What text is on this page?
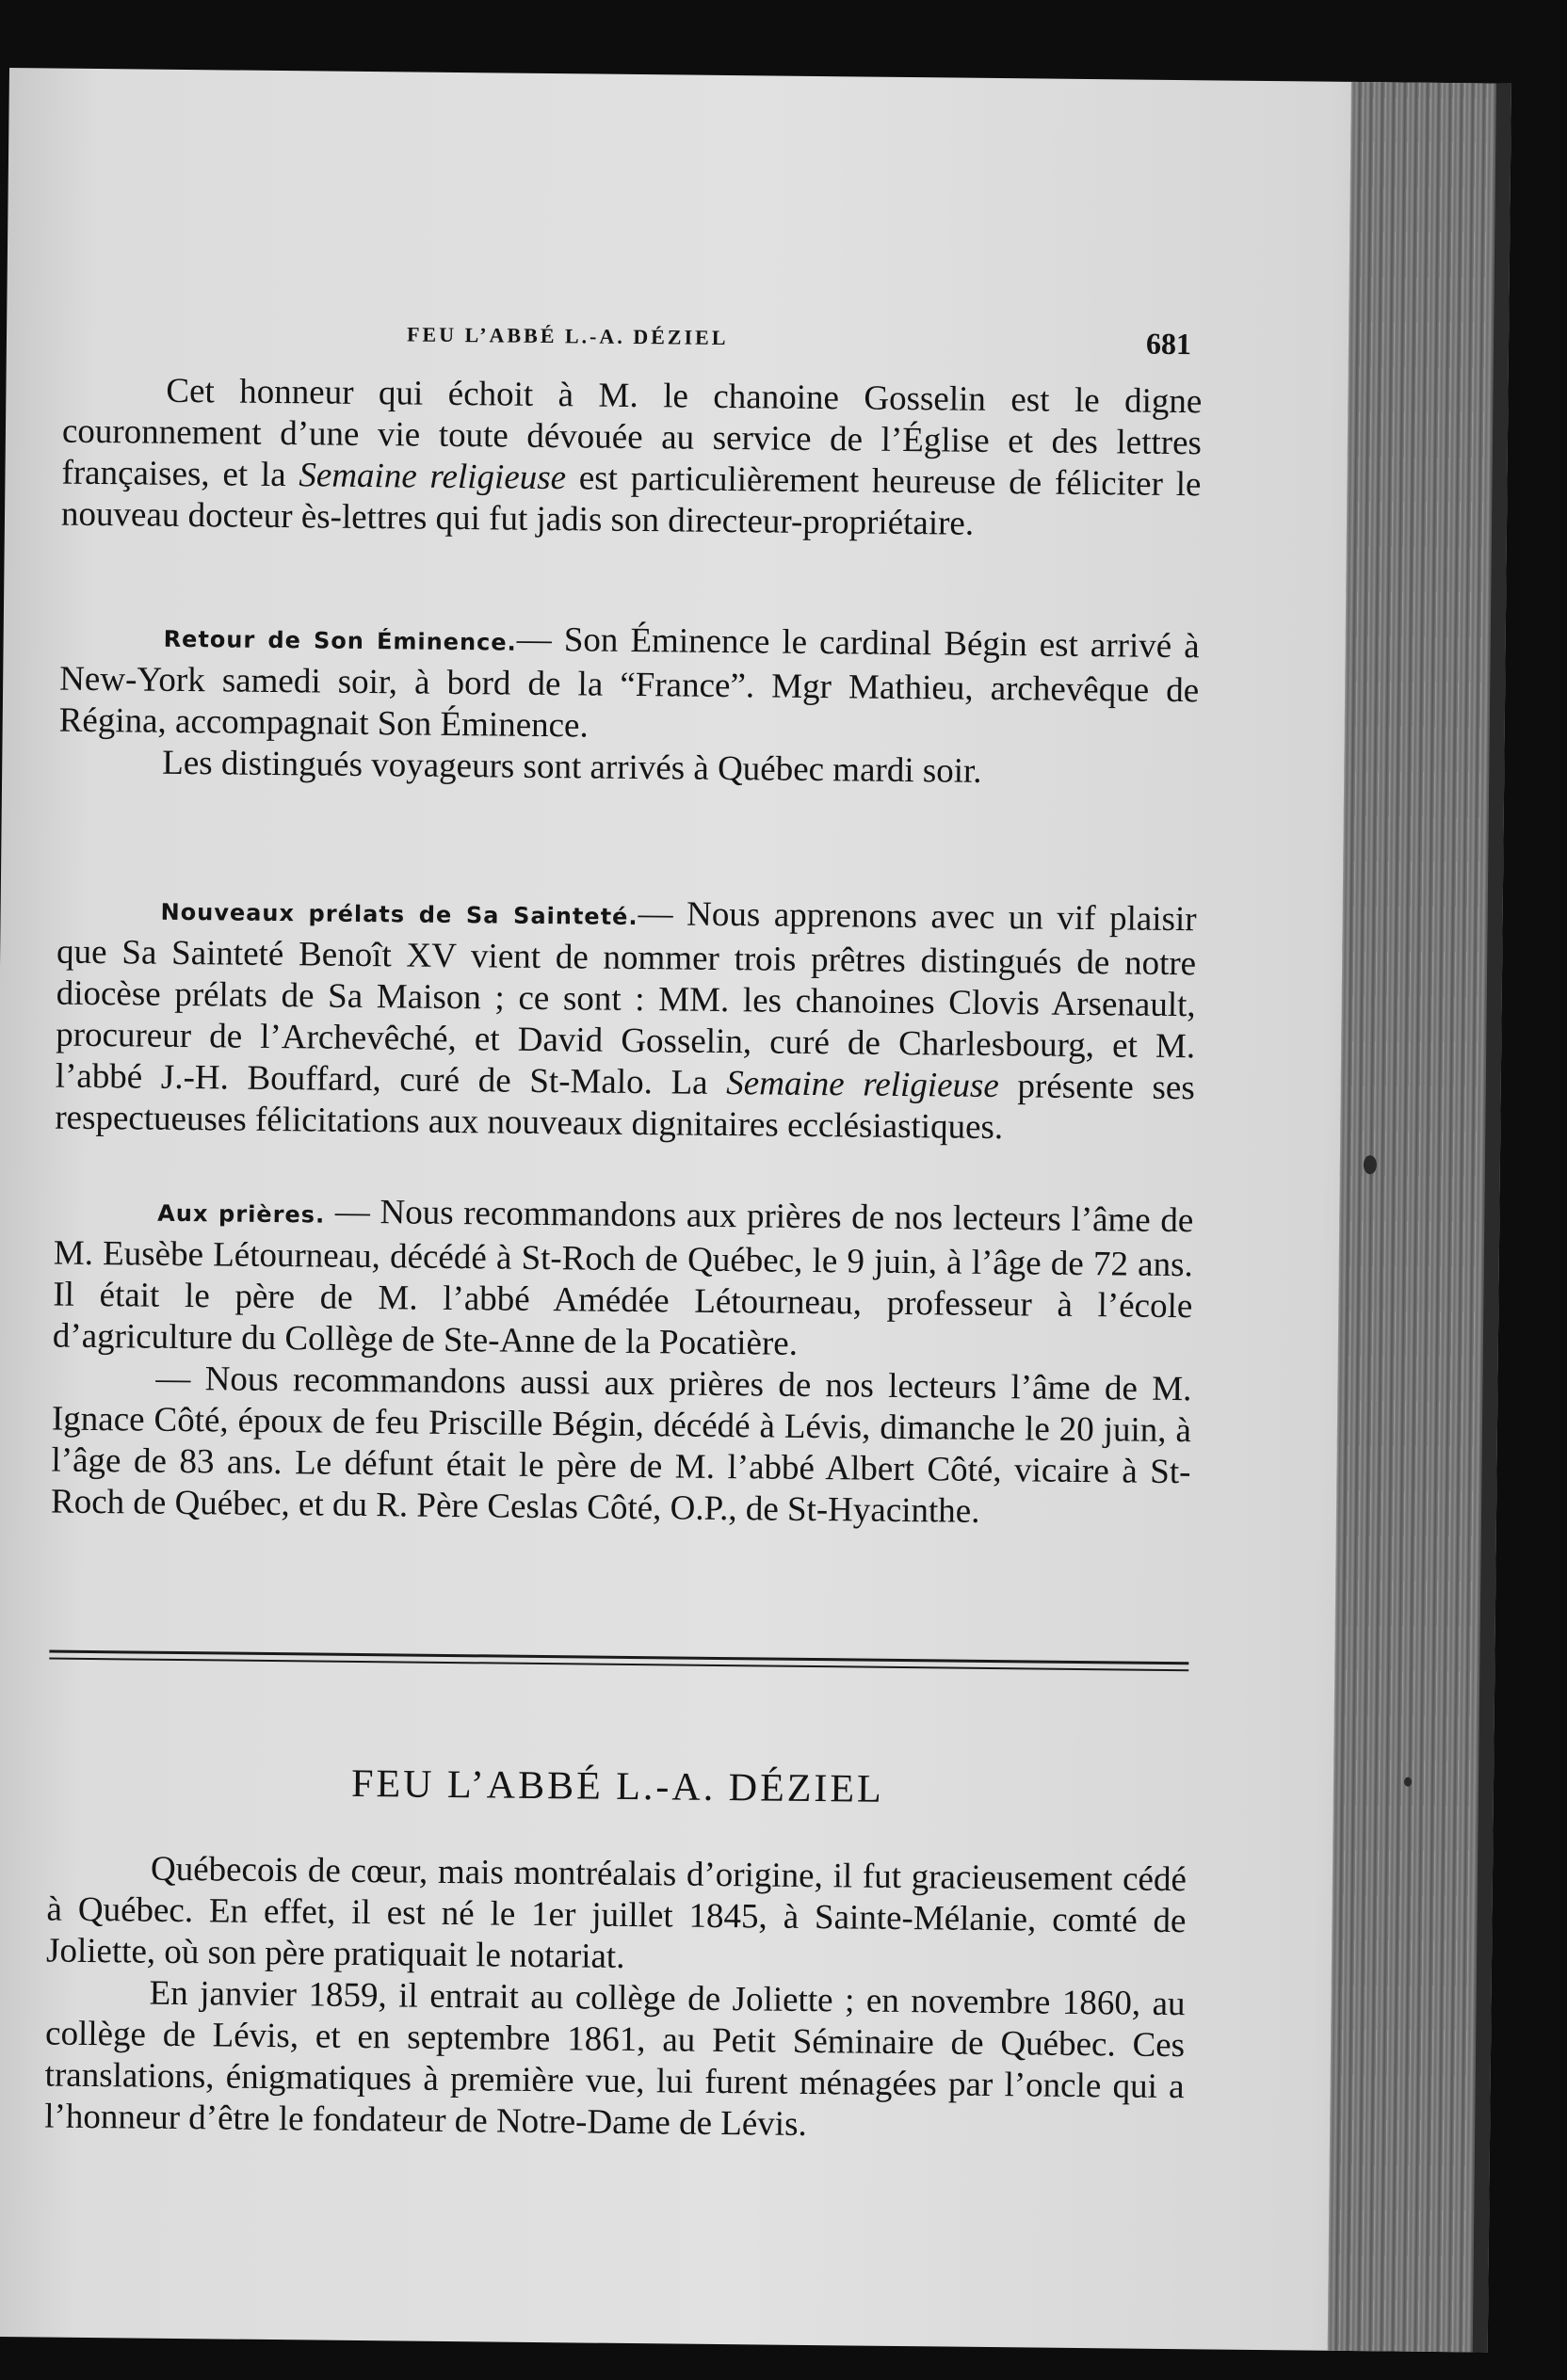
FEU L’ABBÉ L.-A. DÉZIEL	681

Cet honneur qui échoit à M. le chanoine Gosselin est le digne couronnement d’une vie toute dévouée au service de l’Église et des lettres françaises, et la Semaine religieuse est particulièrement heureuse de féliciter le nouveau docteur ès-lettres qui fut jadis son directeur-propriétaire.

Retour de Son Éminence.— Son Éminence le cardinal Bégin est arrivé à New-York samedi soir, à bord de la “France”. Mgr Mathieu, archevêque de Régina, accompagnait Son Éminence.

Les distingués voyageurs sont arrivés à Québec mardi soir.

Nouveaux prélats de Sa Sainteté.— Nous apprenons avec un vif plaisir que Sa Sainteté Benoît XV vient de nommer trois prêtres distingués de notre diocèse prélats de Sa Maison ; ce sont : MM. les chanoines Clovis Arsenault, procureur de l’Archevêché, et David Gosselin, curé de Charlesbourg, et M. l’abbé J.-H. Bouffard, curé de St-Malo. La Semaine religieuse présente ses respectueuses félicitations aux nouveaux dignitaires ecclésiastiques.

Aux prières. — Nous recommandons aux prières de nos lecteurs l’âme de M. Eusèbe Létourneau, décédé à St-Roch de Québec, le 9 juin, à l’âge de 72 ans. Il était le père de M. l’abbé Amédée Létourneau, professeur à l’école d’agriculture du Collège de Ste-Anne de la Pocatière.

— Nous recommandons aussi aux prières de nos lecteurs l’âme de M. Ignace Côté, époux de feu Priscille Bégin, décédé à Lévis, dimanche le 20 juin, à l’âge de 83 ans. Le défunt était le père de M. l’abbé Albert Côté, vicaire à St-Roch de Québec, et du R. Père Ceslas Côté, O.P., de St-Hyacinthe.

FEU L’ABBÉ L.-A. DÉZIEL

Québecois de cœur, mais montréalais d’origine, il fut gracieusement cédé à Québec. En effet, il est né le 1er juillet 1845, à Sainte-Mélanie, comté de Joliette, où son père pratiquait le notariat.

En janvier 1859, il entrait au collège de Joliette ; en novembre 1860, au collège de Lévis, et en septembre 1861, au Petit Séminaire de Québec. Ces translations, énigmatiques à première vue, lui furent ménagées par l’oncle qui a l’honneur d’être le fondateur de Notre-Dame de Lévis.
